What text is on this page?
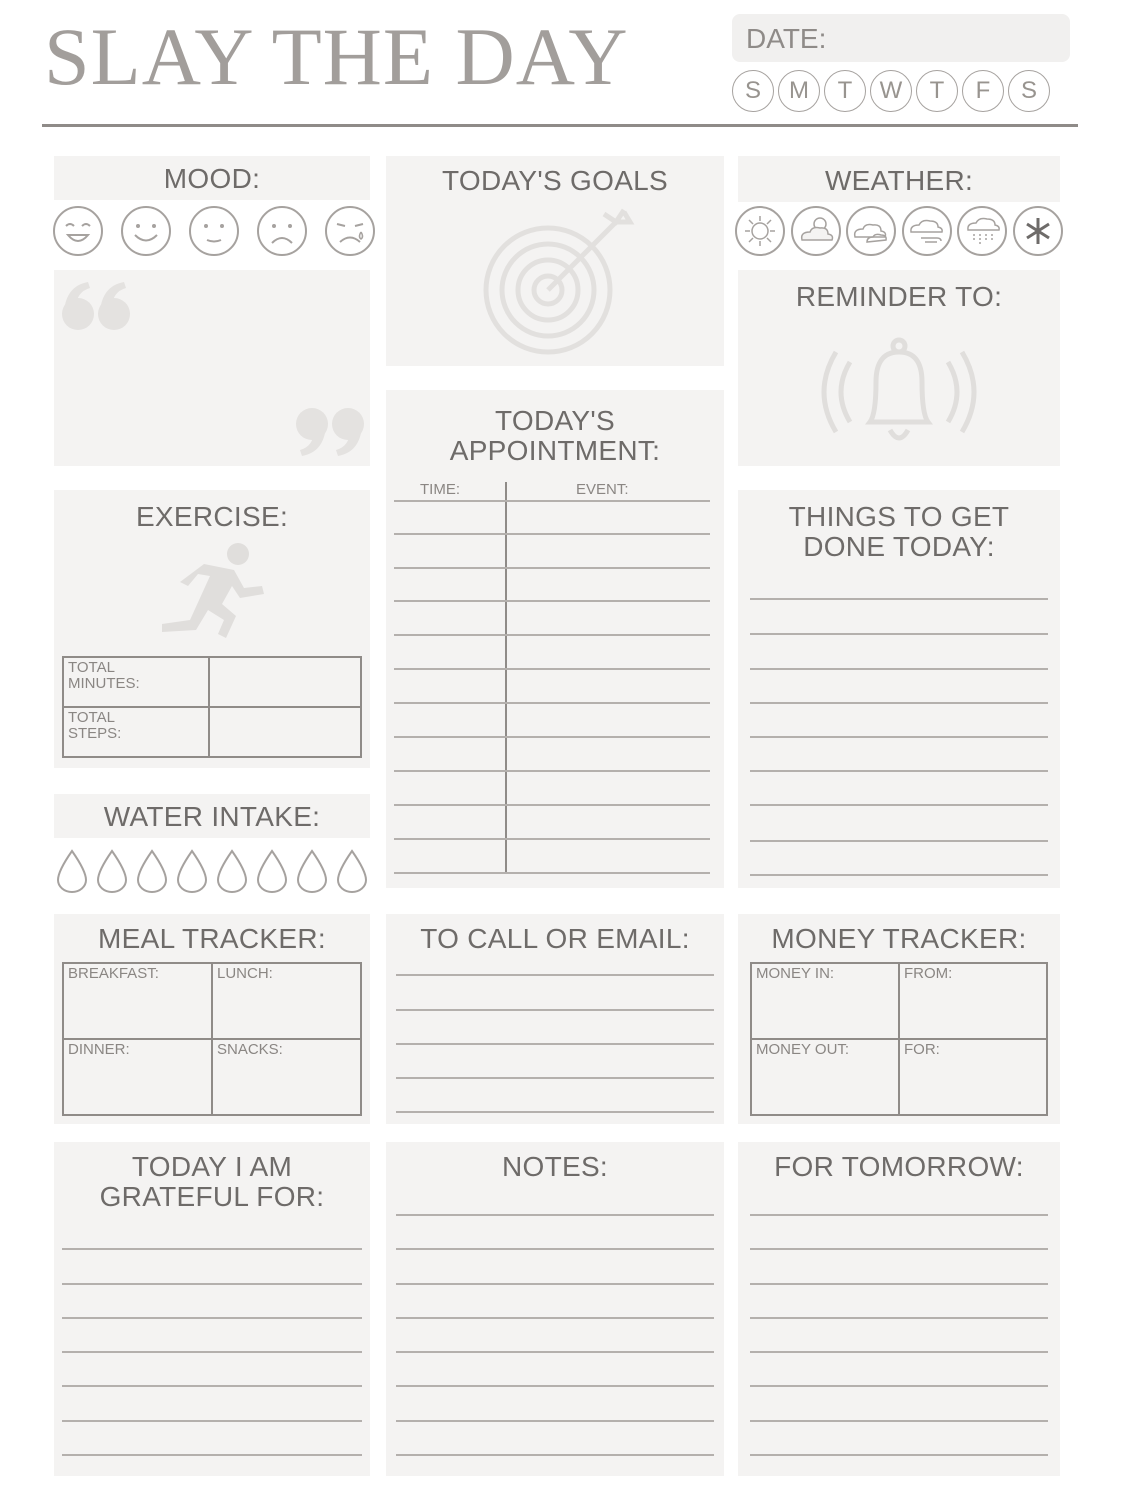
SLAY THE DAY	DATE:
S	M	T	W	T	F	S
MOOD:	TODAY'S GOALS	WEATHER:
REMINDER TO:
TODAY'S
APPOINTMENT:
TIME:	EVENT:
EXERCISE:
TOTAL
MINUTES:	
TOTAL
STEPS:	
THINGS TO GET
DONE TODAY:
WATER INTAKE:
MEAL TRACKER:
BREAKFAST:	LUNCH:
DINNER:	SNACKS:
TO CALL OR EMAIL:	MONEY TRACKER:
MONEY IN:	FROM:
MONEY OUT:	FOR:
TODAY I AM
GRATEFUL FOR:
NOTES:	FOR TOMORROW:
